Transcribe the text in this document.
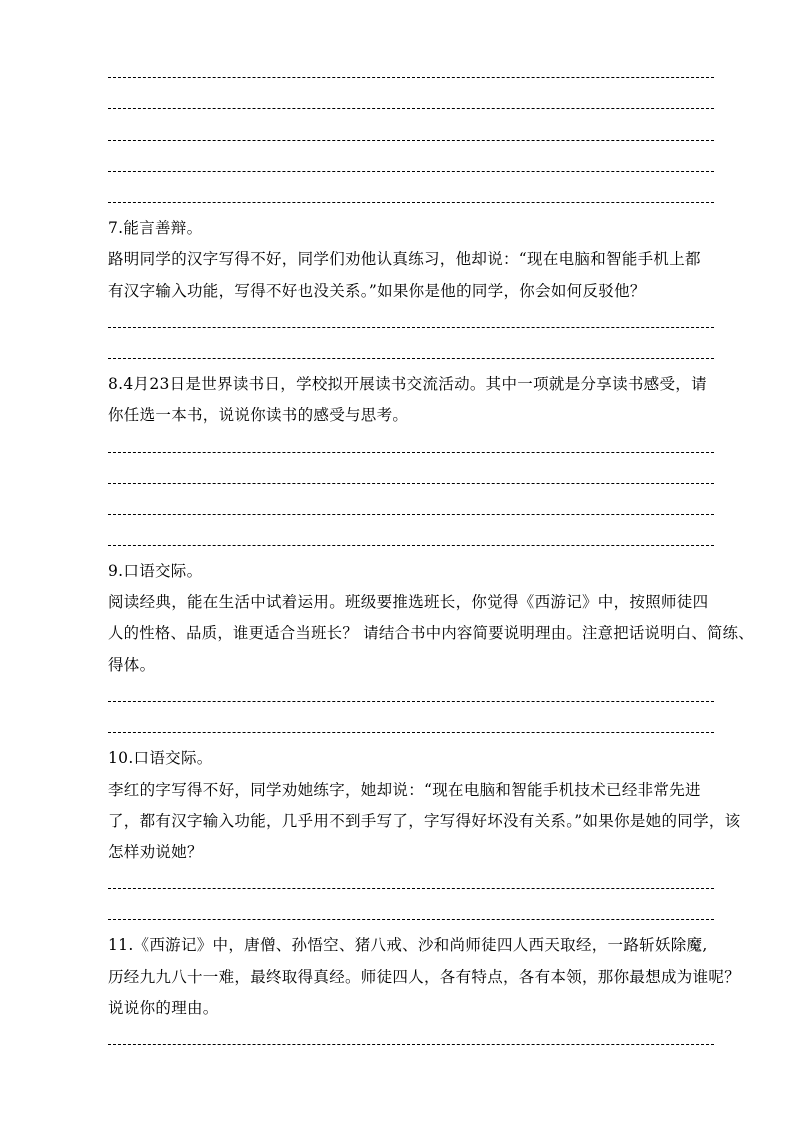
7.能言善辩。
路明同学的汉字写得不好，同学们劝他认真练习，他却说：“现在电脑和智能手机上都
有汉字输入功能，写得不好也没关系。”如果你是他的同学，你会如何反驳他？
8.4月23日是世界读书日，学校拟开展读书交流活动。其中一项就是分享读书感受，请
你任选一本书，说说你读书的感受与思考。
9.口语交际。
阅读经典，能在生活中试着运用。班级要推选班长，你觉得《西游记》中，按照师徒四
人的性格、品质，谁更适合当班长？ 请结合书中内容简要说明理由。注意把话说明白、简练、
得体。
10.口语交际。
李红的字写得不好，同学劝她练字，她却说：“现在电脑和智能手机技术已经非常先进
了，都有汉字输入功能，几乎用不到手写了，字写得好坏没有关系。”如果你是她的同学，该
怎样劝说她？
11.《西游记》中，唐僧、孙悟空、猪八戒、沙和尚师徒四人西天取经，一路斩妖除魔,
历经九九八十一难，最终取得真经。师徒四人，各有特点，各有本领，那你最想成为谁呢？
说说你的理由。
